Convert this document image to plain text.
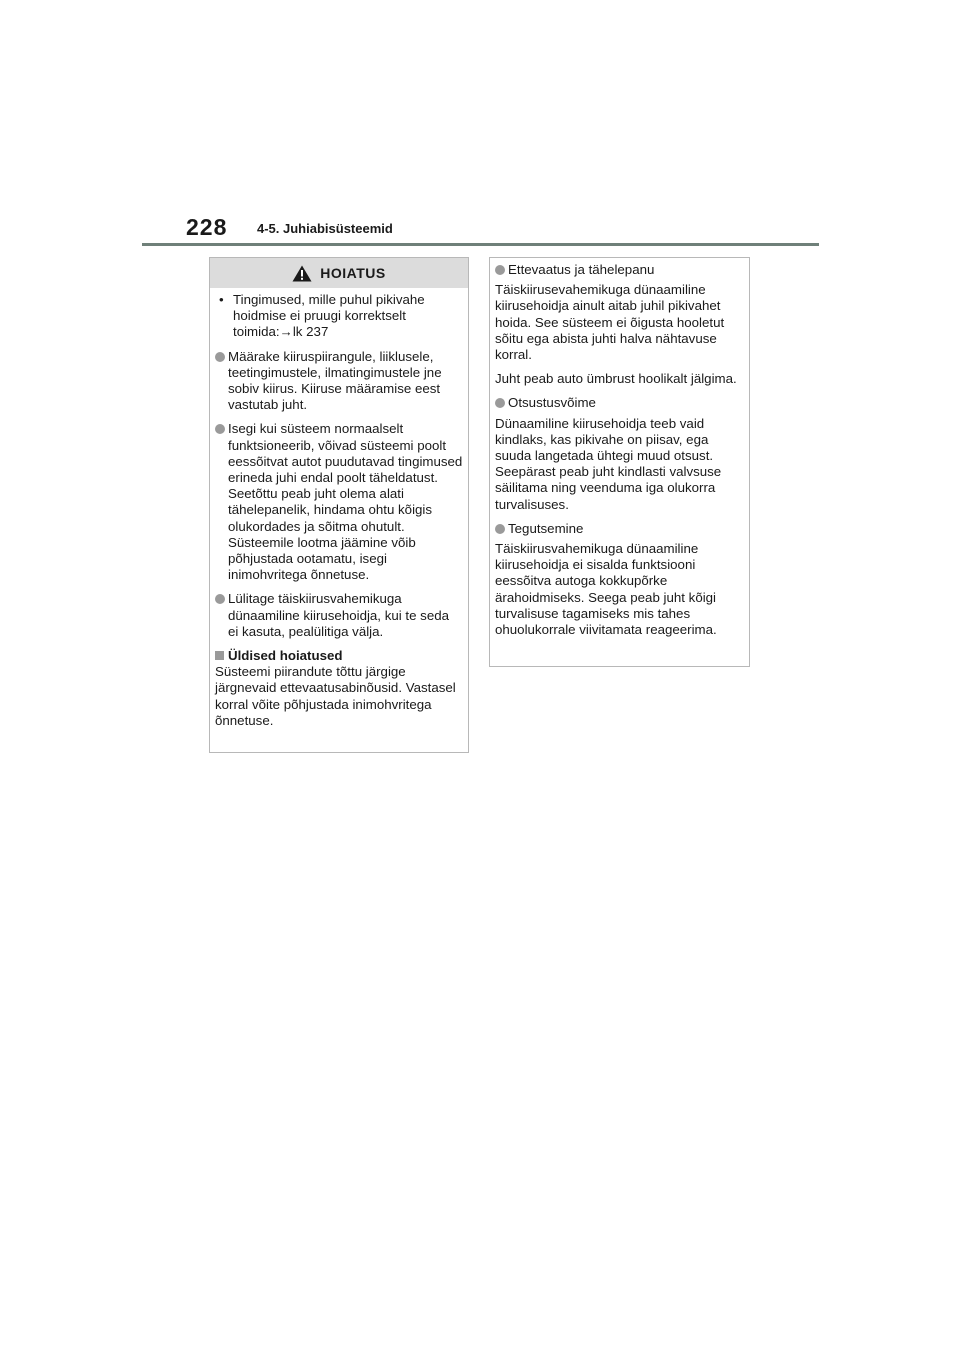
228 4-5. Juhiabisüsteemid
HOIATUS

• Tingimused, mille puhul pikivahe hoidmise ei pruugi korrektselt toimida:→lk 237

Määrake kiiruspiirangule, liiklusele, teetingimustele, ilmatingimustele jne sobiv kiirus. Kiiruse määramise eest vastutab juht.

Isegi kui süsteem normaalselt funktsioneerib, võivad süsteemi poolt eessõitvat autot puudutavad tingimused erineda juhi endal poolt täheldatust. Seetõttu peab juht olema alati tähelepanelik, hindama ohtu kõigis olukordades ja sõitma ohutult. Süsteemile lootma jäämine võib põhjustada ootamatu, isegi inimohvritega õnnetuse.

Lülitage täiskiirusvahemikuga dünaamiline kiirusehoidja, kui te seda ei kasuta, pealülitiga välja.

Üldised hoiatused

Süsteemi piirandute tõttu järgige järgnevaid ettevaatusabinõusid. Vastasel korral võite põhjustada inimohvritega õnnetuse.

Ettevaatus ja tähelepanu

Täiskiirusevahemikuga dünaamiline kiirusehoidja ainult aitab juhil pikivahet hoida. See süsteem ei õigusta hooletut sõitu ega abista juhti halva nähtavuse korral.

Juht peab auto ümbrust hoolikalt jälgima.

Otsustusvõime

Dünaamiline kiirusehoidja teeb vaid kindlaks, kas pikivahe on piisav, ega suuda langetada ühtegi muud otsust. Seepärast peab juht kindlasti valvsuse säilitama ning veenduma iga olukorra turvalisuses.

Tegutsemine

Täiskiirusvahemikuga dünaamiline kiirusehoidja ei sisalda funktsiooni eessõitva autoga kokkupõrke ärahoidmiseks. Seega peab juht kõigi turvalisuse tagamiseks mis tahes ohuolukorrale viivitamata reageerima.
